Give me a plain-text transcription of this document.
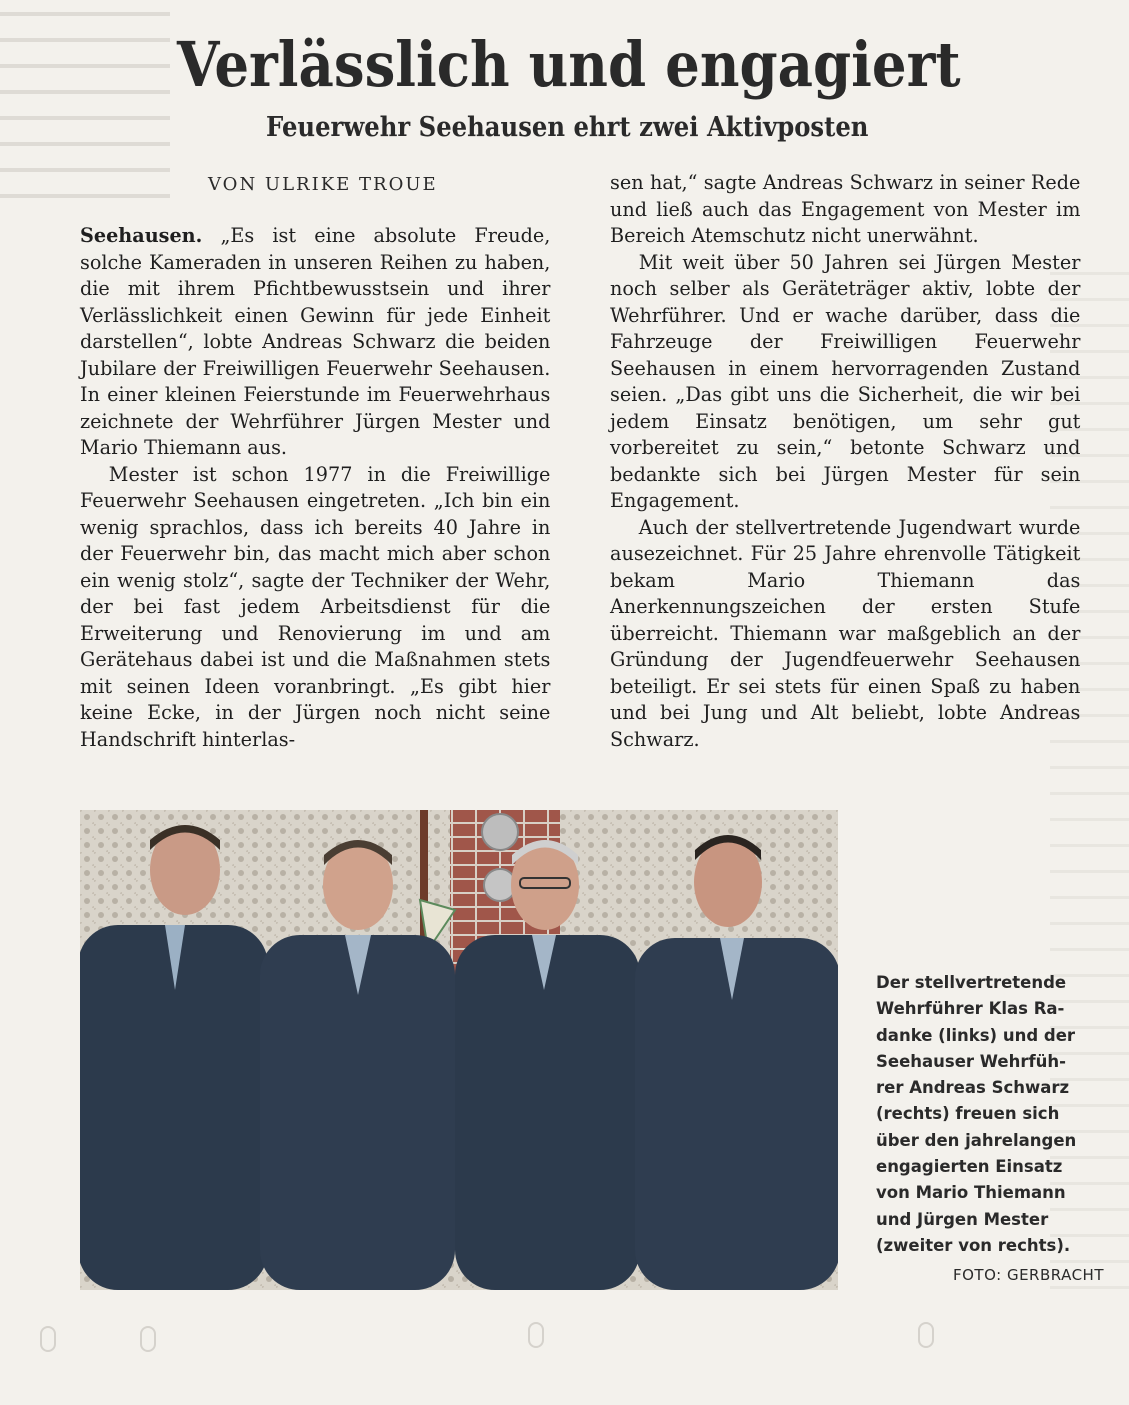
Verlässlich und engagiert
Feuerwehr Seehausen ehrt zwei Aktivposten
VON ULRIKE TROUE

Seehausen. „Es ist eine absolute Freude, solche Kameraden in unseren Reihen zu haben, die mit ihrem Pfichtbewusstsein und ihrer Verlässlichkeit einen Gewinn für jede Einheit darstellen“, lobte Andreas Schwarz die beiden Jubilare der Freiwilligen Feuerwehr Seehausen. In einer kleinen Feierstunde im Feuerwehrhaus zeichnete der Wehrführer Jürgen Mester und Mario Thiemann aus.

Mester ist schon 1977 in die Freiwillige Feuerwehr Seehausen eingetreten. „Ich bin ein wenig sprachlos, dass ich bereits 40 Jahre in der Feuerwehr bin, das macht mich aber schon ein wenig stolz“, sagte der Techniker der Wehr, der bei fast jedem Arbeitsdienst für die Erweiterung und Renovierung im und am Gerätehaus dabei ist und die Maßnahmen stets mit seinen Ideen voranbringt. „Es gibt hier keine Ecke, in der Jürgen noch nicht seine Handschrift hinterlas-

sen hat,“ sagte Andreas Schwarz in seiner Rede und ließ auch das Engagement von Mester im Bereich Atemschutz nicht unerwähnt.

Mit weit über 50 Jahren sei Jürgen Mester noch selber als Geräteträger aktiv, lobte der Wehrführer. Und er wache darüber, dass die Fahrzeuge der Freiwilligen Feuerwehr Seehausen in einem hervorragenden Zustand seien. „Das gibt uns die Sicherheit, die wir bei jedem Einsatz benötigen, um sehr gut vorbereitet zu sein,“ betonte Schwarz und bedankte sich bei Jürgen Mester für sein Engagement.

Auch der stellvertretende Jugendwart wurde ausezeichnet. Für 25 Jahre ehrenvolle Tätigkeit bekam Mario Thiemann das Anerkennungszeichen der ersten Stufe überreicht. Thiemann war maßgeblich an der Gründung der Jugendfeuerwehr Seehausen beteiligt. Er sei stets für einen Spaß zu haben und bei Jung und Alt beliebt, lobte Andreas Schwarz.

Der stellvertretende
Wehrführer Klas Ra-
danke (links) und der
Seehauser Wehrfüh-
rer Andreas Schwarz
(rechts) freuen sich
über den jahrelangen
engagierten Einsatz
von Mario Thiemann
und Jürgen Mester
(zweiter von rechts).
FOTO: GERBRACHT
